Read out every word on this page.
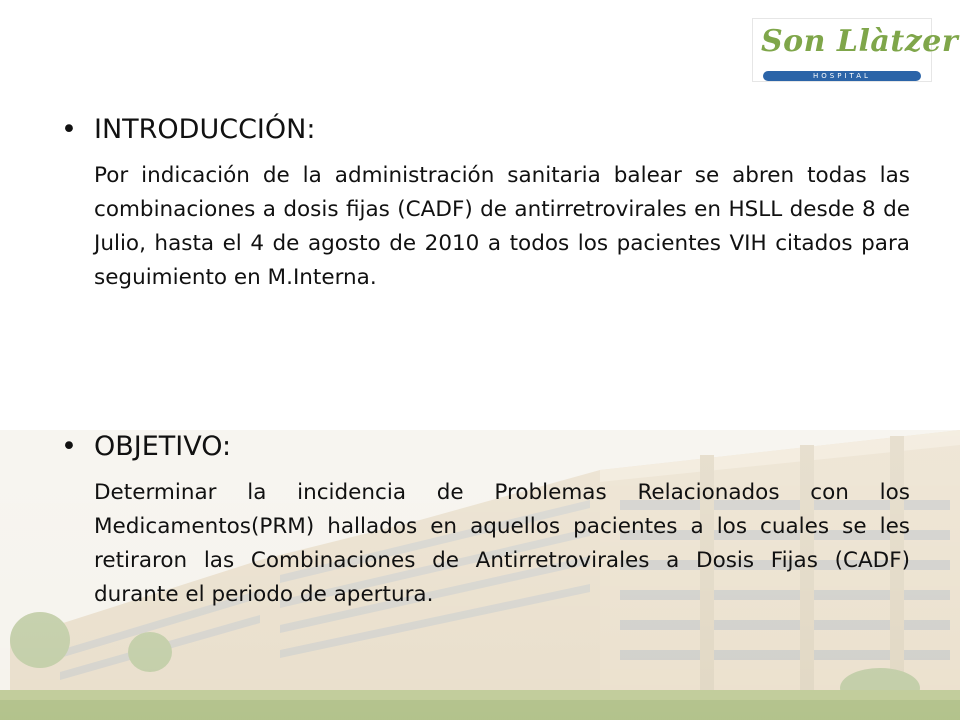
Son Llàtzer
HOSPITAL
• INTRODUCCIÓN:
Por indicación de la administración sanitaria balear se abren todas las combinaciones a dosis fijas (CADF) de antirretrovirales en HSLL desde 8 de Julio, hasta el 4 de agosto de 2010 a todos los pacientes VIH citados para seguimiento en M.Interna.
• OBJETIVO:
Determinar la incidencia de Problemas Relacionados con los Medicamentos(PRM) hallados en aquellos pacientes a los cuales se les retiraron las Combinaciones de Antirretrovirales a Dosis Fijas (CADF) durante el periodo de apertura.
